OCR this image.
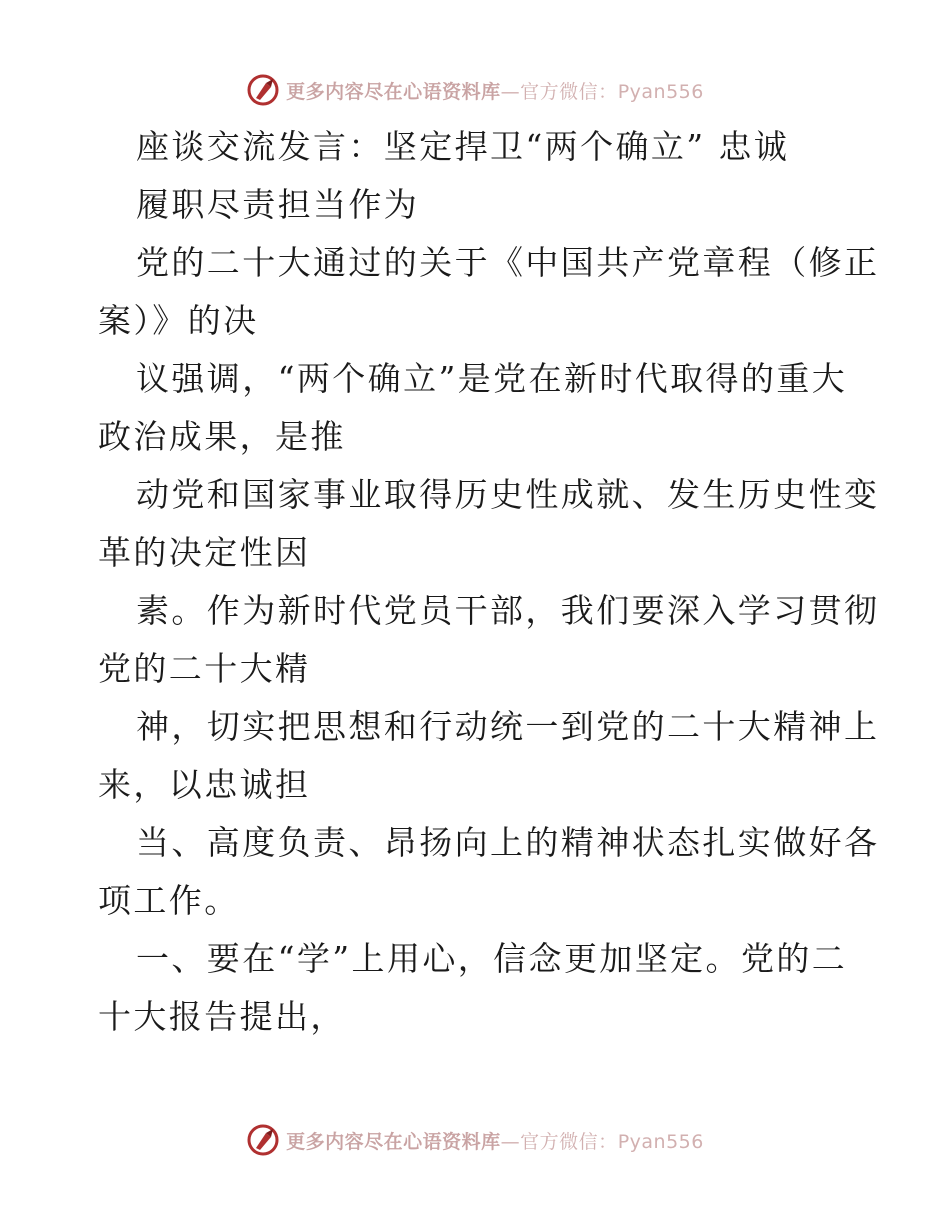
更多内容尽在心语资料库—官方微信：Pyan556
座谈交流发言：坚定捍卫“两个确立” 忠诚
履职尽责担当作为
党的二十大通过的关于《中国共产党章程（修正
案）》的决
议强调，“两个确立”是党在新时代取得的重大
政治成果，是推
动党和国家事业取得历史性成就、发生历史性变
革的决定性因
素。作为新时代党员干部，我们要深入学习贯彻
党的二十大精
神，切实把思想和行动统一到党的二十大精神上
来，以忠诚担
当、高度负责、昂扬向上的精神状态扎实做好各
项工作。
一、要在“学”上用心，信念更加坚定。党的二
十大报告提出，
更多内容尽在心语资料库—官方微信：Pyan556
